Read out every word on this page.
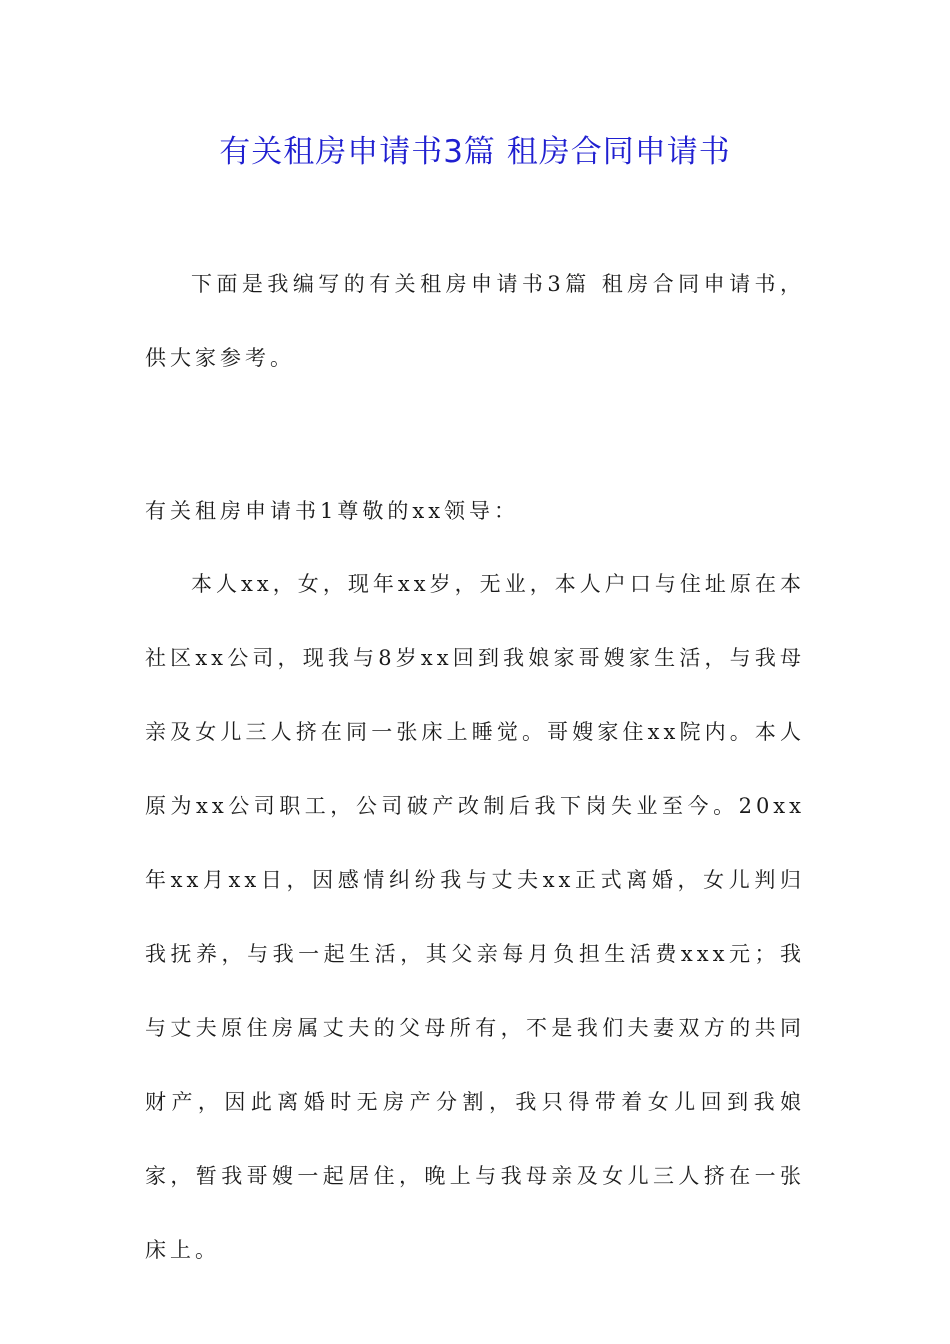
有关租房申请书3篇 租房合同申请书

下面是我编写的有关租房申请书3篇 租房合同申请书，供大家参考。

有关租房申请书1尊敬的xx领导：

本人xx，女，现年xx岁，无业，本人户口与住址原在本社区xx公司，现我与8岁xx回到我娘家哥嫂家生活，与我母亲及女儿三人挤在同一张床上睡觉。哥嫂家住xx院内。本人原为xx公司职工，公司破产改制后我下岗失业至今。20xx年xx月xx日，因感情纠纷我与丈夫xx正式离婚，女儿判归我抚养，与我一起生活，其父亲每月负担生活费xxx元；我与丈夫原住房属丈夫的父母所有，不是我们夫妻双方的共同财产，因此离婚时无房产分割，我只得带着女儿回到我娘家，暂我哥嫂一起居住，晚上与我母亲及女儿三人挤在一张床上。
